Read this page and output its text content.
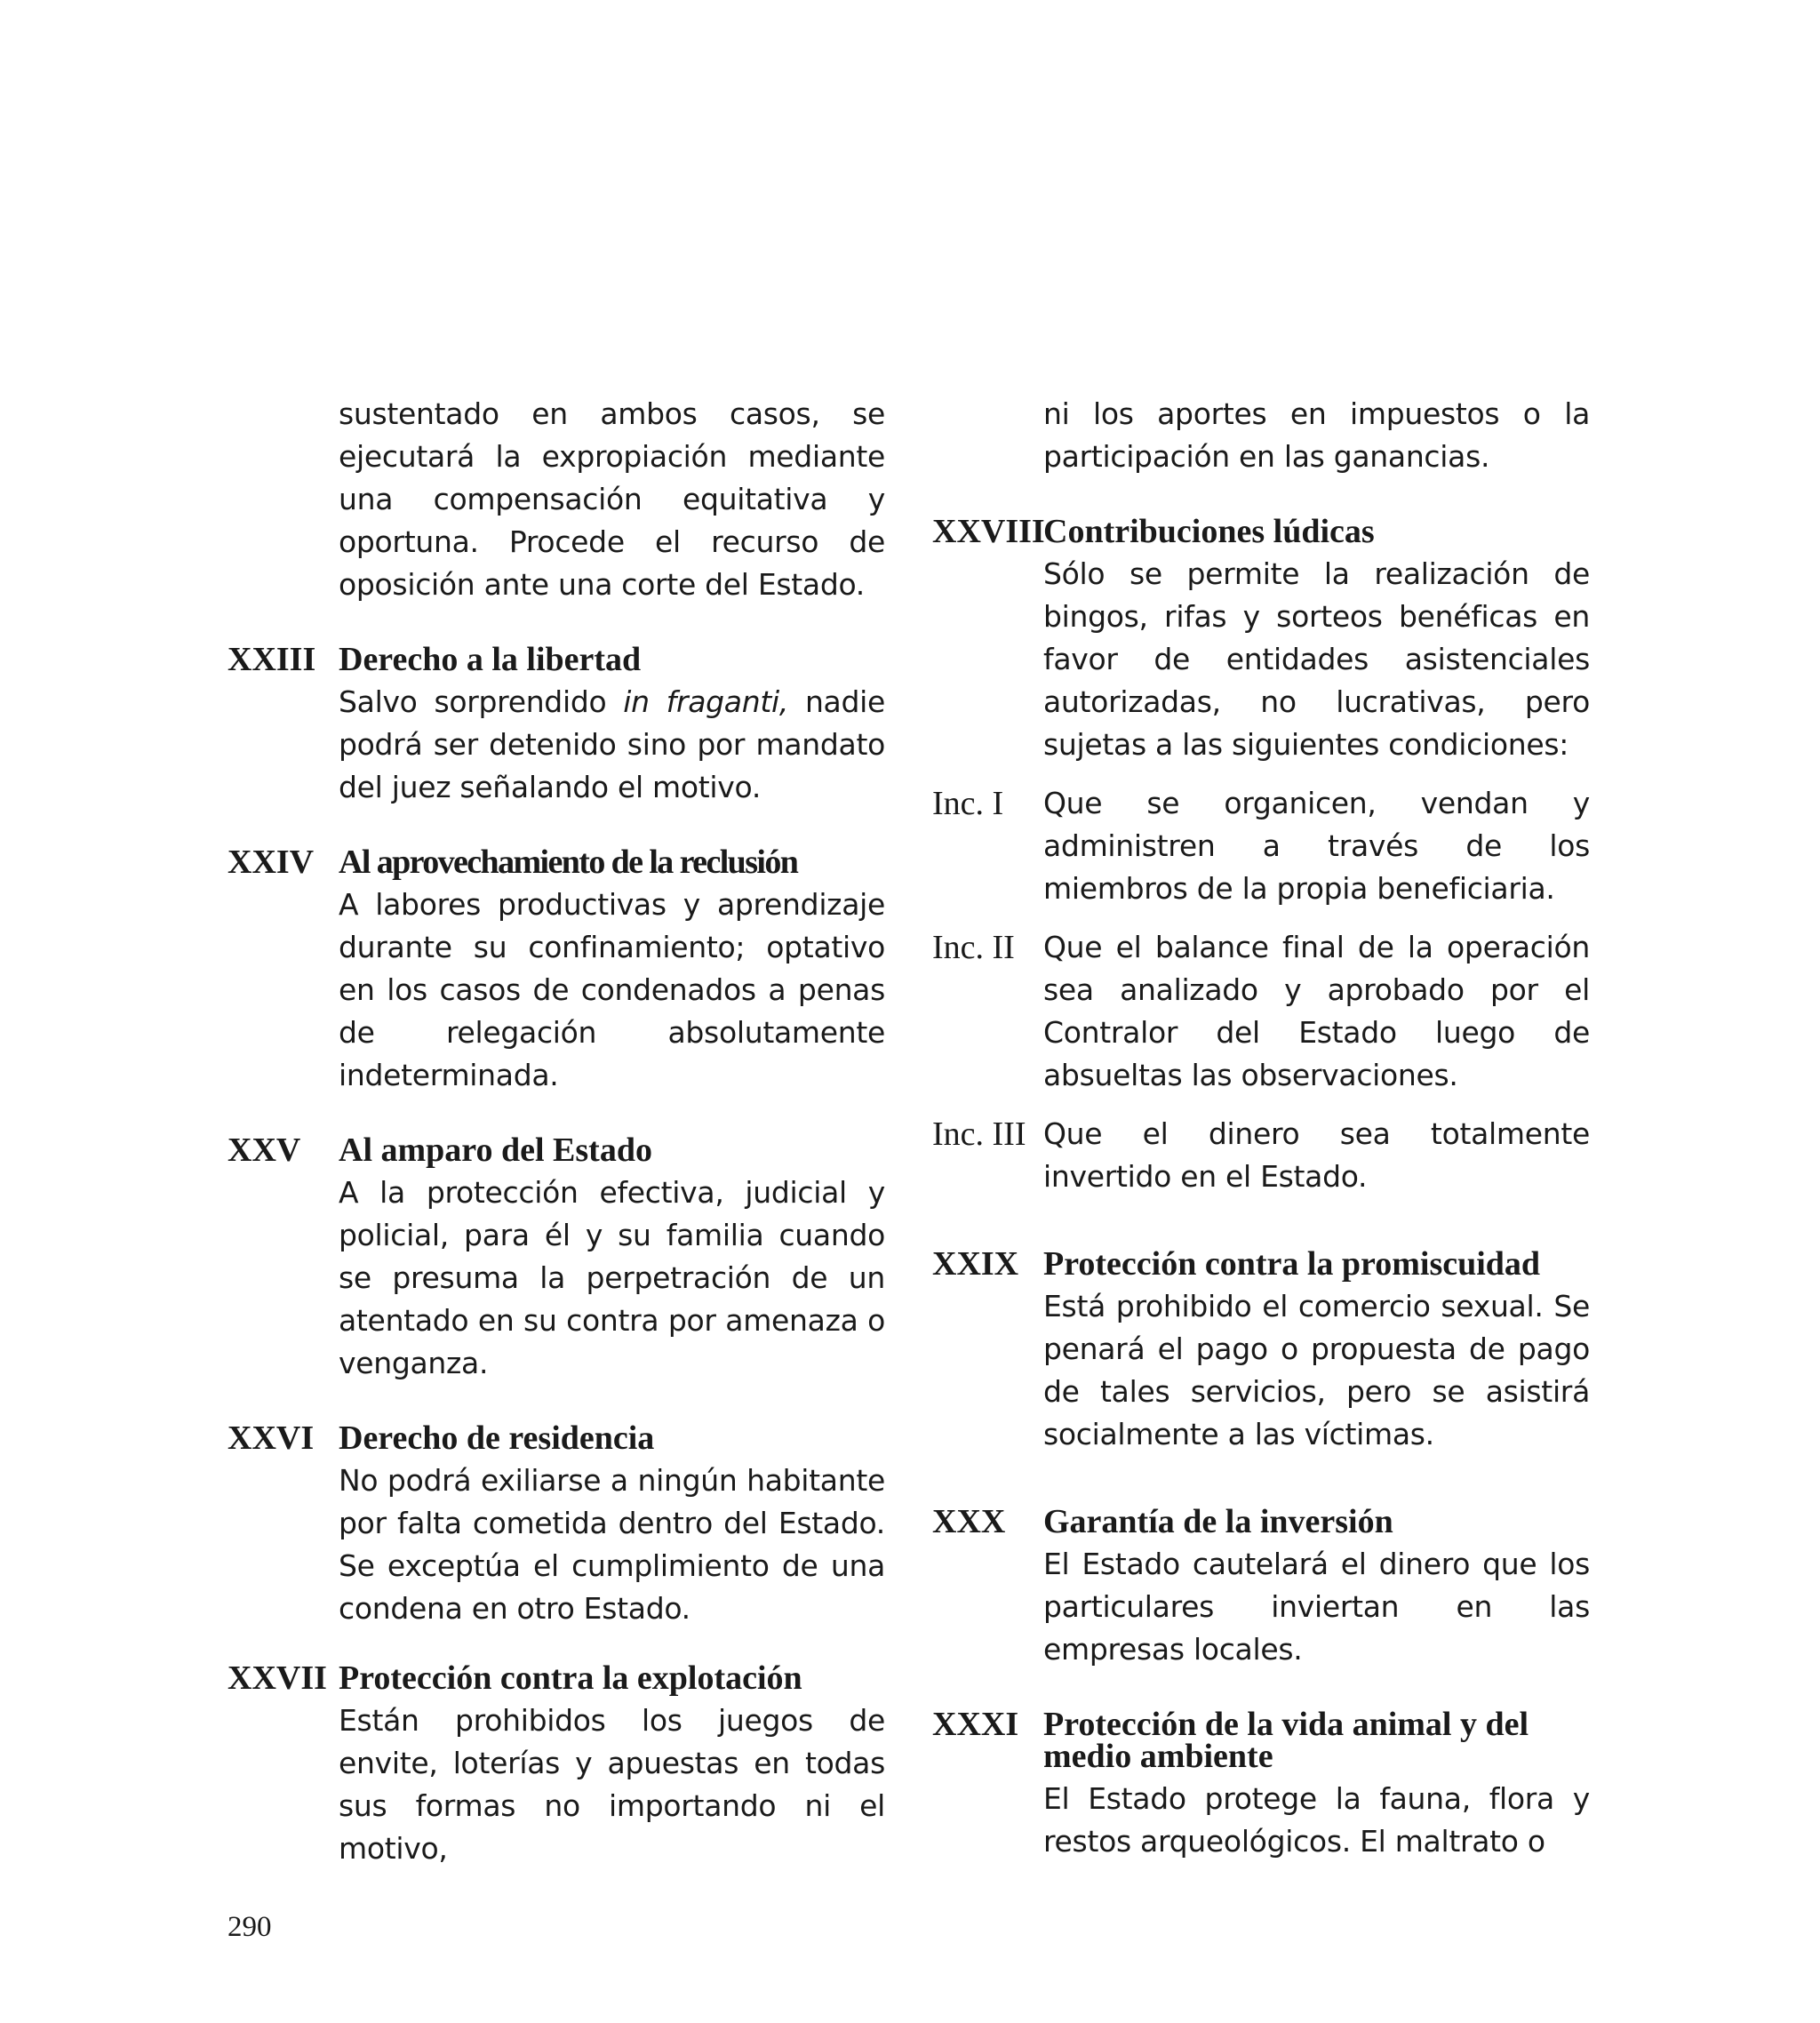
sustentado en ambos casos, se ejecutará la expropiación mediante una compensación equitativa y oportuna. Procede el recurso de oposición ante una corte del Estado.
XXIII Derecho a la libertad
Salvo sorprendido in fraganti, nadie podrá ser detenido sino por mandato del juez señalando el motivo.
XXIV Al aprovechamiento de la reclusión
A labores productivas y aprendizaje durante su confinamiento; optativo en los casos de condenados a penas de relegación absolutamente indeterminada.
XXV Al amparo del Estado
A la protección efectiva, judicial y policial, para él y su familia cuando se presuma la perpetración de un atentado en su contra por amenaza o venganza.
XXVI Derecho de residencia
No podrá exiliarse a ningún habitante por falta cometida dentro del Estado. Se exceptúa el cumplimiento de una condena en otro Estado.
XXVII Protección contra la explotación
Están prohibidos los juegos de envite, loterías y apuestas en todas sus formas no importando ni el motivo,
ni los aportes en impuestos o la participación en las ganancias.
XXVIII
Contribuciones lúdicas
Sólo se permite la realización de bingos, rifas y sorteos benéficas en favor de entidades asistenciales autorizadas, no lucrativas, pero sujetas a las siguientes condiciones:
Inc. I Que se organicen, vendan y administren a través de los miembros de la propia beneficiaria.
Inc. II Que el balance final de la operación sea analizado y aprobado por el Contralor del Estado luego de absueltas las observaciones.
Inc. III Que el dinero sea totalmente invertido en el Estado.
XXIX Protección contra la promiscuidad
Está prohibido el comercio sexual. Se penará el pago o propuesta de pago de tales servicios, pero se asistirá socialmente a las víctimas.
XXX Garantía de la inversión
El Estado cautelará el dinero que los particulares inviertan en las empresas locales.
XXXI Protección de la vida animal y del medio ambiente
El Estado protege la fauna, flora y restos arqueológicos. El maltrato o
290
